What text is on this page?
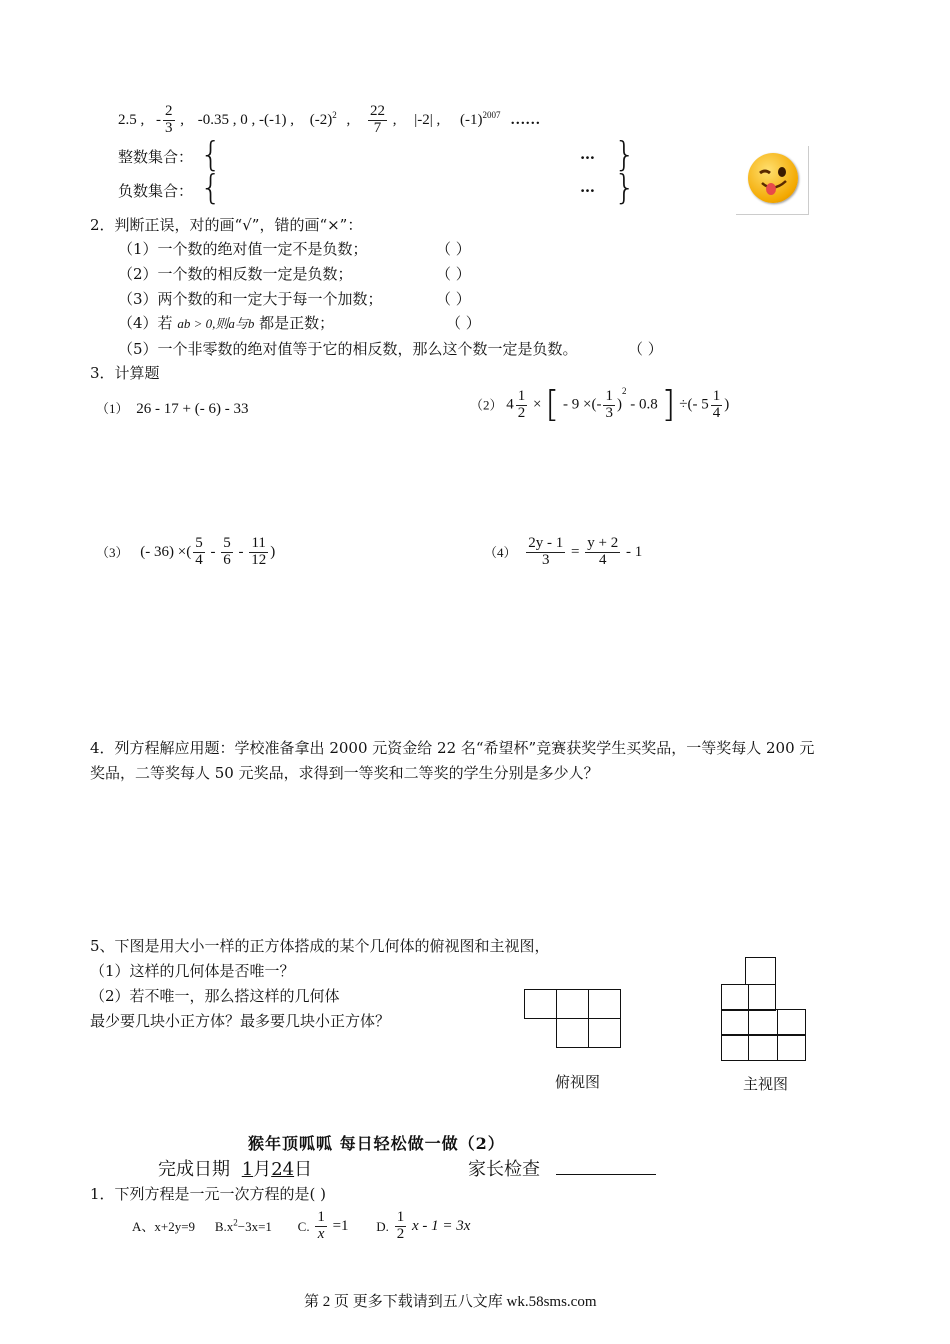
2.5 , - $\frac{2}{3}$ , -0.35 , 0 , -(-1) , $(-2)^2$ , $\frac{22}{7}$ , |-2| , $(-1)^{2007}$ ……
整数集合： {	… }
负数集合： {	… }
2．判断正误，对的画“√”，错的画“×”：
（1）一个数的绝对值一定不是负数；	（ ）
（2）一个数的相反数一定是负数；	（ ）
（3）两个数的和一定大于每一个加数；	（ ）
（4）若 ab > 0,则a与b 都是正数；	（ ）
（5）一个非零数的绝对值等于它的相反数，那么这个数一定是负数。	（ ）
3．计算题
（1） 26 - 17 + (- 6) - 33	（2） $4 \frac{1}{2}$ × [ - 9 ×(- $\frac{1}{3} )^2 - 0.8$ ] ÷(- $5 \frac{1}{4}$ )
（3） (- 36) ×( $\frac{5}{4} - \frac{5}{6} - \frac{11}{12}$ )	$(4) \frac{2y - 1}{3} = \frac{y + 2}{4} - 1$
4．列方程解应用题：学校准备拿出 2000 元资金给 22 名“希望杯”竞赛获奖学生买奖品，一等奖每人 200 元
奖品，二等奖每人 50 元奖品，求得到一等奖和二等奖的学生分别是多少人？
5、下图是用大小一样的正方体搭成的某个几何体的俯视图和主视图，
（1）这样的几何体是否唯一？
（2）若不唯一，那么搭这样的几何体
最少要几块小正方体？最多要几块小正方体？
俯视图	主视图
猴年顶呱呱 每日轻松做一做（2）
完成日期 1月24日	家长检查
1．下列方程是一元一次方程的是( )
A、x+2y=9 $B.x^2-3x=1$ C. $\frac{1}{x} =1$ D. $\frac{1}{2}$ x - 1 = 3x
第 2 页 更多下载请到五八文库 wk.58sms.com
